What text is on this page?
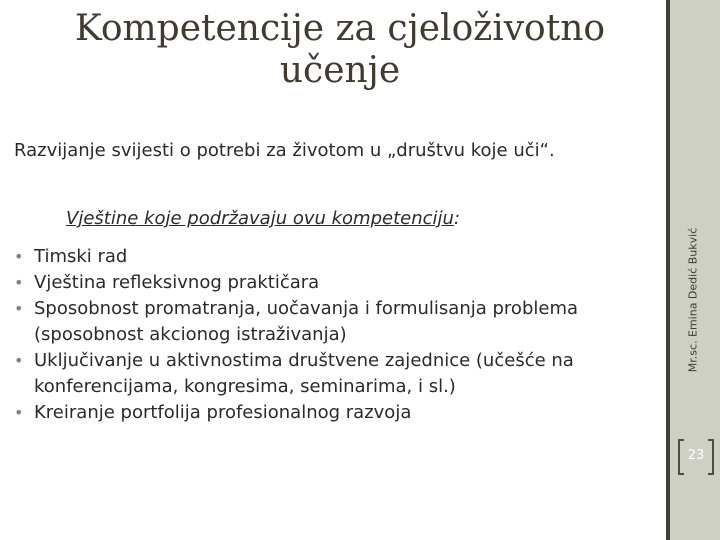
Kompetencije za cjeloživotno učenje

Razvijanje svijesti o potrebi za životom u „društvu koje uči“.

Vještine koje podržavaju ovu kompetenciju:

• Timski rad
• Vještina refleksivnog praktičara
• Sposobnost promatranja, uočavanja i formulisanja problema (sposobnost akcionog istraživanja)
• Uključivanje u aktivnostima društvene zajednice (učešće na konferencijama, kongresima, seminarima, i sl.)
• Kreiranje portfolija profesionalnog razvoja
Mr.sc. Emina Dedić Bukvić
23
